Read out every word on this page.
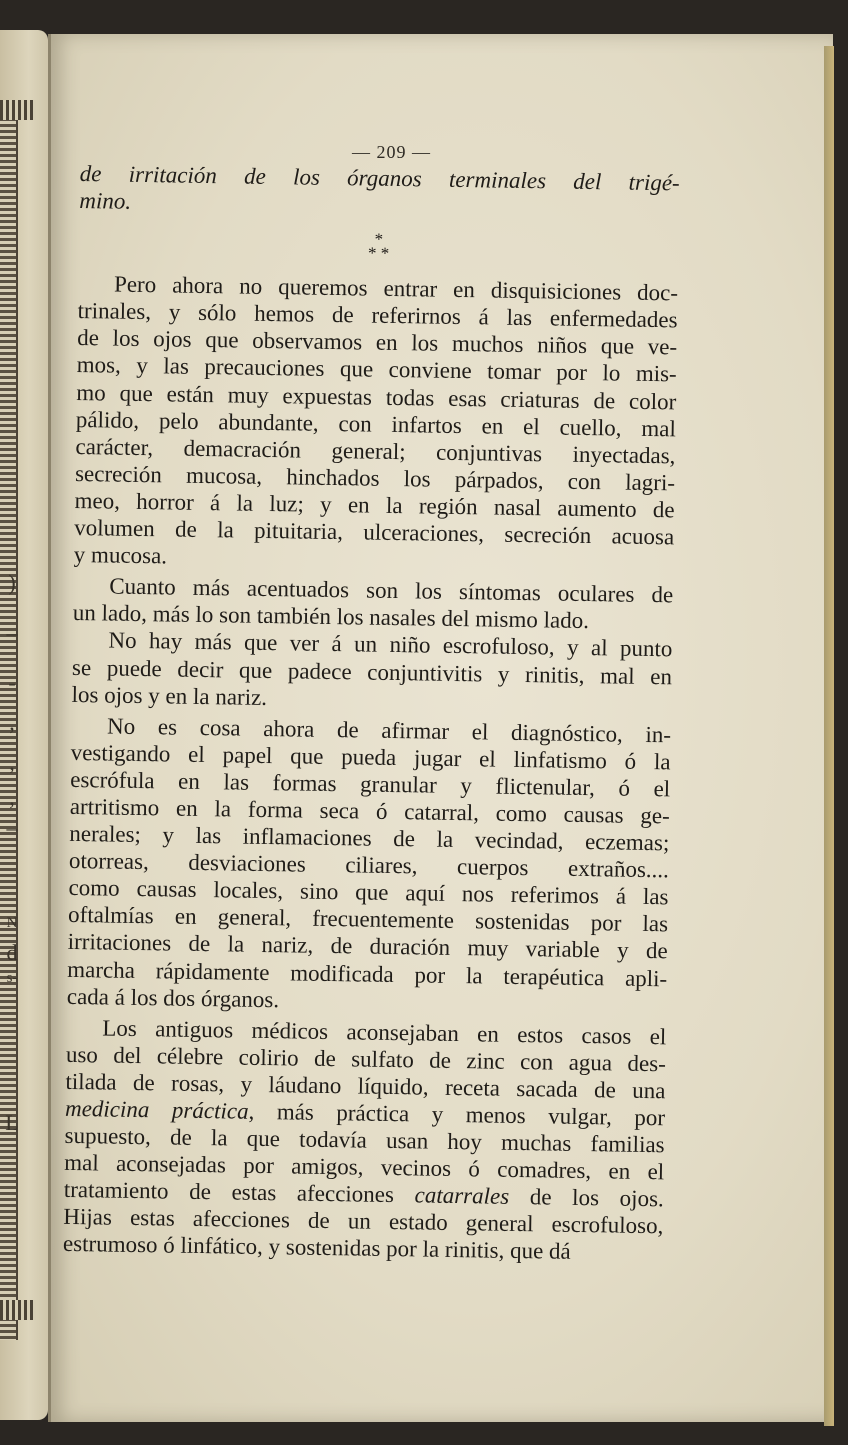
)
–
-
,
,
,
–
N
d
s-
L
— 209 —
de irritación de los órganos terminales del trigé-
mino.
*
* *
Pero ahora no queremos entrar en disquisiciones doc-
trinales, y sólo hemos de referirnos á las enfermedades
de los ojos que observamos en los muchos niños que ve-
mos, y las precauciones que conviene tomar por lo mis-
mo que están muy expuestas todas esas criaturas de color
pálido, pelo abundante, con infartos en el cuello, mal
carácter, demacración general; conjuntivas inyectadas,
secreción mucosa, hinchados los párpados, con lagri-
meo, horror á la luz; y en la región nasal aumento de
volumen de la pituitaria, ulceraciones, secreción acuosa
y mucosa.
Cuanto más acentuados son los síntomas oculares de
un lado, más lo son también los nasales del mismo lado.
No hay más que ver á un niño escrofuloso, y al punto
se puede decir que padece conjuntivitis y rinitis, mal en
los ojos y en la nariz.
No es cosa ahora de afirmar el diagnóstico, in-
vestigando el papel que pueda jugar el linfatismo ó la
escrófula en las formas granular y flictenular, ó el
artritismo en la forma seca ó catarral, como causas ge-
nerales; y las inflamaciones de la vecindad, eczemas;
otorreas, desviaciones ciliares, cuerpos extraños....
como causas locales, sino que aquí nos referimos á las
oftalmías en general, frecuentemente sostenidas por las
irritaciones de la nariz, de duración muy variable y de
marcha rápidamente modificada por la terapéutica apli-
cada á los dos órganos.
Los antiguos médicos aconsejaban en estos casos el
uso del célebre colirio de sulfato de zinc con agua des-
tilada de rosas, y láudano líquido, receta sacada de una
medicina práctica, más práctica y menos vulgar, por
supuesto, de la que todavía usan hoy muchas familias
mal aconsejadas por amigos, vecinos ó comadres, en el
tratamiento de estas afecciones catarrales de los ojos.
Hijas estas afecciones de un estado general escrofuloso,
estrumoso ó linfático, y sostenidas por la rinitis, que dá
